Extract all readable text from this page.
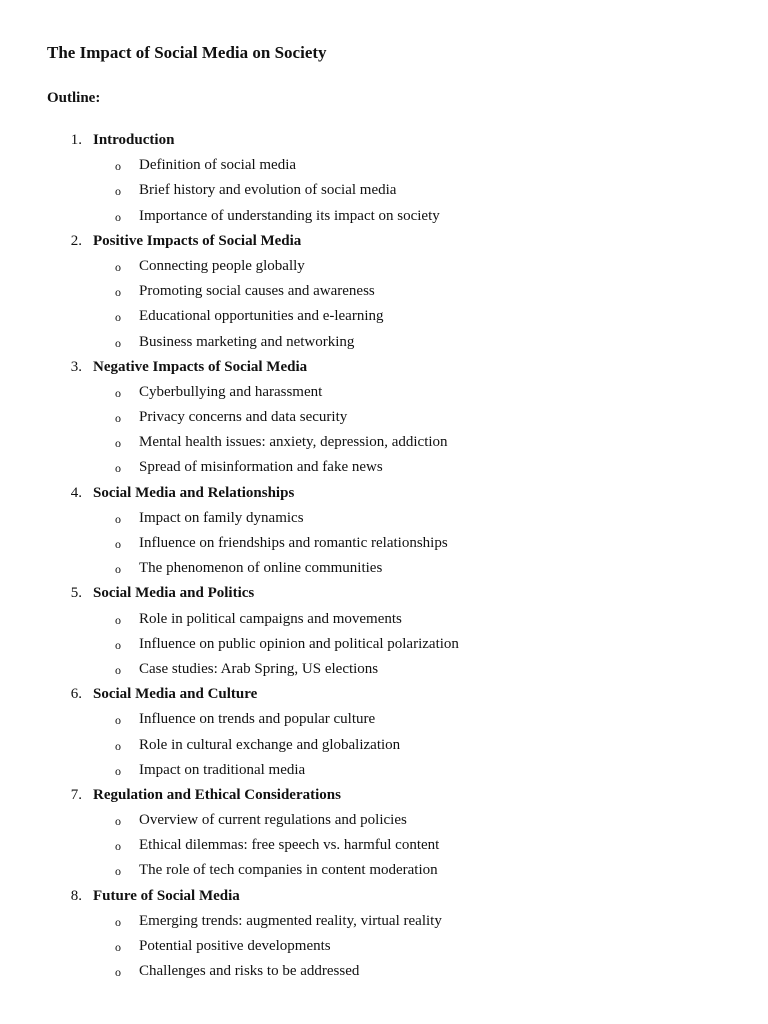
The Impact of Social Media on Society
Outline:
1. Introduction
o Definition of social media
o Brief history and evolution of social media
o Importance of understanding its impact on society
2. Positive Impacts of Social Media
o Connecting people globally
o Promoting social causes and awareness
o Educational opportunities and e-learning
o Business marketing and networking
3. Negative Impacts of Social Media
o Cyberbullying and harassment
o Privacy concerns and data security
o Mental health issues: anxiety, depression, addiction
o Spread of misinformation and fake news
4. Social Media and Relationships
o Impact on family dynamics
o Influence on friendships and romantic relationships
o The phenomenon of online communities
5. Social Media and Politics
o Role in political campaigns and movements
o Influence on public opinion and political polarization
o Case studies: Arab Spring, US elections
6. Social Media and Culture
o Influence on trends and popular culture
o Role in cultural exchange and globalization
o Impact on traditional media
7. Regulation and Ethical Considerations
o Overview of current regulations and policies
o Ethical dilemmas: free speech vs. harmful content
o The role of tech companies in content moderation
8. Future of Social Media
o Emerging trends: augmented reality, virtual reality
o Potential positive developments
o Challenges and risks to be addressed
